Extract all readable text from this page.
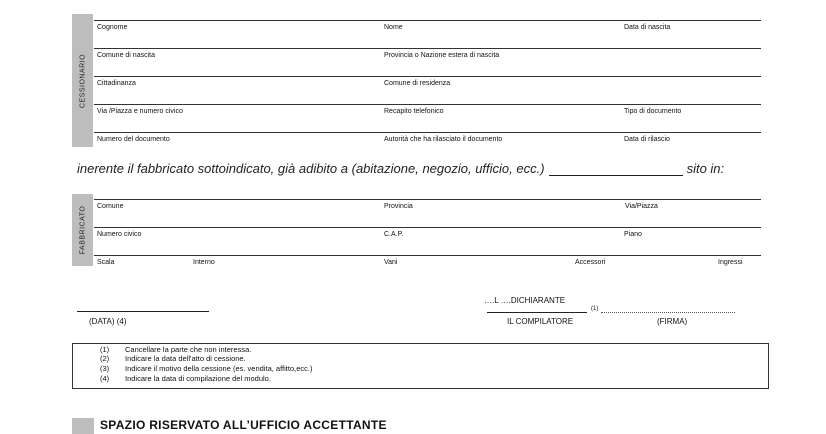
CESSIONARIO
Cognome	Nome	Data di nascita
Comune di nascita	Provincia o Nazione estera di nascita
Cittadinanza	Comune di residenza
Via /Piazza e numero civico	Recapito telefonico	Tipo di documento
Numero del documento	Autorità che ha rilasciato il documento	Data di rilascio
inerente il fabbricato sottoindicato, già adibito a (abitazione, negozio, ufficio, ecc.)	sito in:
FABBRICATO Comune	Provincia	Via/Piazza
Numero civico	C.A.P.	Piano
Scala	Interno	Vani	Accessori	Ingressi
(DATA) (4)
….L ….DICHIARANTE
(1)
IL COMPILATORE	(FIRMA)
(1) Cancellare la parte che non interessa.
(2) Indicare la data dell'atto di cessione.
(3) Indicare il motivo della cessione (es. vendita, affitto,ecc.)
(4) Indicare la data di compilazione del modulo.
SPAZIO RISERVATO ALL’UFFICIO ACCETTANTE
